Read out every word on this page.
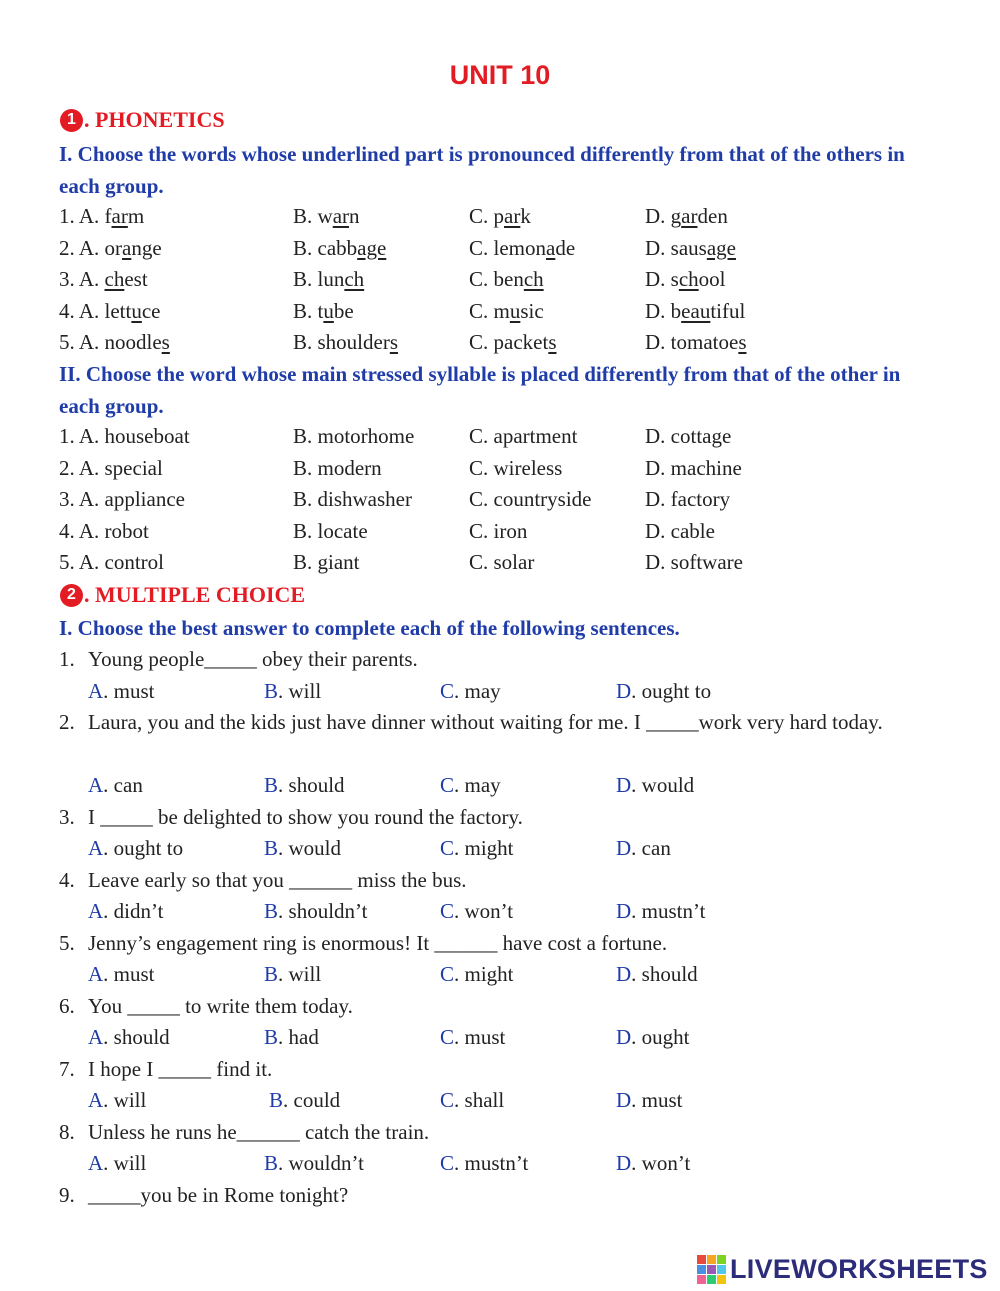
UNIT 10
1 . PHONETICS
I. Choose the words whose underlined part is pronounced differently from that of the others in each group.
1. A. farm	B. warn	C. park	D. garden
2. A. orange	B. cabbage	C. lemonade	D. sausage
3. A. chest	B. lunch	C. bench	D. school
4. A. lettuce	B. tube	C. music	D. beautiful
5. A. noodles	B. shoulders	C. packets	D. tomatoes
II. Choose the word whose main stressed syllable is placed differently from that of the other in each group.
1. A. houseboat	B. motorhome	C. apartment	D. cottage
2. A. special	B. modern	C. wireless	D. machine
3. A. appliance	B. dishwasher	C. countryside	D. factory
4. A. robot	B. locate	C. iron	D. cable
5. A. control	B. giant	C. solar	D. software
2 . MULTIPLE CHOICE
I. Choose the best answer to complete each of the following sentences.
1. Young people_____ obey their parents.
A. must	B. will	C. may	D. ought to
2. Laura, you and the kids just have dinner without waiting for me. I _____work very hard today.
A. can	B. should	C. may	D. would
3. I _____ be delighted to show you round the factory.
A. ought to	B. would	C. might	D. can
4. Leave early so that you ______ miss the bus.
A. didn’t	B. shouldn’t	C. won’t	D. mustn’t
5. Jenny’s engagement ring is enormous! It ______ have cost a fortune.
A. must	B. will	C. might	D. should
6. You _____ to write them today.
A. should	B. had	C. must	D. ought
7. I hope I _____ find it.
A. will	B. could	C. shall	D. must
8. Unless he runs he______ catch the train.
A. will	B. wouldn’t	C. mustn’t	D. won’t
9. _____you be in Rome tonight?
LIVEWORKSHEETS
